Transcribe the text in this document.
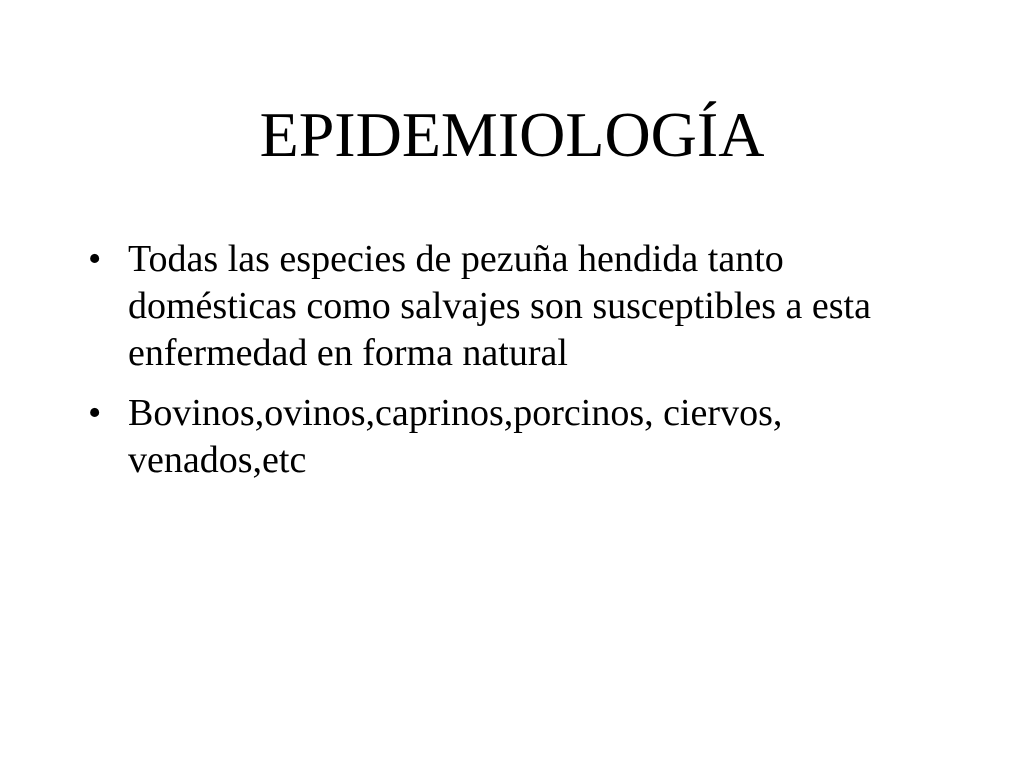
EPIDEMIOLOGÍA
• Todas las especies de pezuña hendida tanto domésticas como salvajes son susceptibles a esta enfermedad en forma natural
• Bovinos,ovinos,caprinos,porcinos, ciervos, venados,etc
